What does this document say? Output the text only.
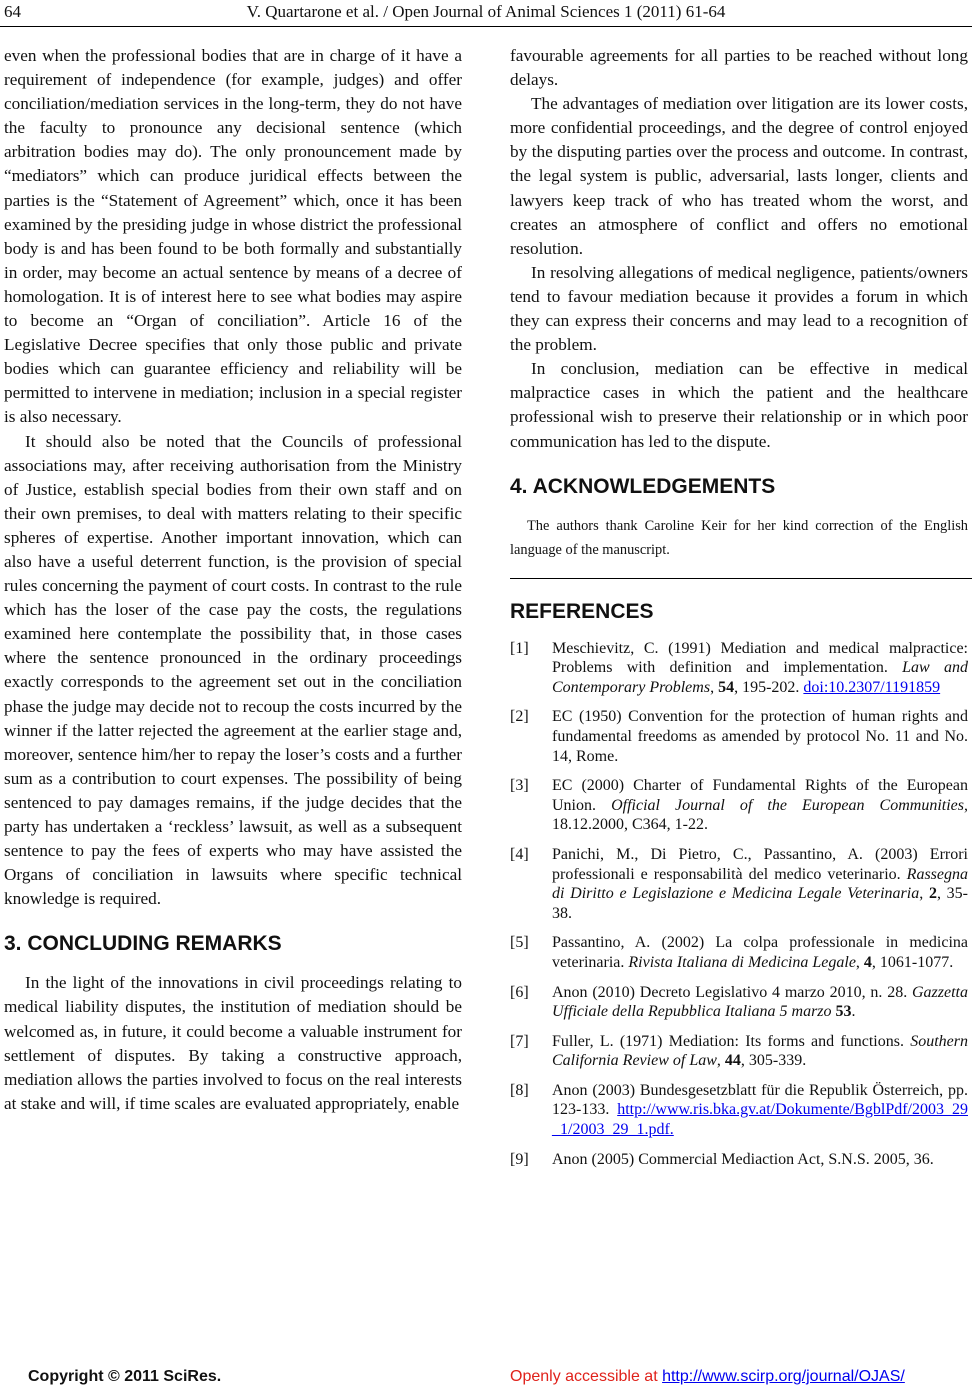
64	V. Quartarone et al. / Open Journal of Animal Sciences 1 (2011) 61-64

even when the professional bodies that are in charge of it have a requirement of independence (for example, judges) and offer conciliation/mediation services in the long-term, they do not have the faculty to pronounce any decisional sentence (which arbitration bodies may do). The only pronouncement made by “mediators” which can produce juridical effects between the parties is the “Statement of Agreement” which, once it has been examined by the presiding judge in whose district the professional body is and has been found to be both formally and substantially in order, may become an actual sentence by means of a decree of homologation. It is of interest here to see what bodies may aspire to become an “Organ of conciliation”. Article 16 of the Legislative Decree specifies that only those public and private bodies which can guarantee efficiency and reliability will be permitted to intervene in mediation; inclusion in a special register is also necessary.

It should also be noted that the Councils of professional associations may, after receiving authorisation from the Ministry of Justice, establish special bodies from their own staff and on their own premises, to deal with matters relating to their specific spheres of expertise. Another important innovation, which can also have a useful deterrent function, is the provision of special rules concerning the payment of court costs. In contrast to the rule which has the loser of the case pay the costs, the regulations examined here contemplate the possibility that, in those cases where the sentence pronounced in the ordinary proceedings exactly corresponds to the agreement set out in the conciliation phase the judge may decide not to recoup the costs incurred by the winner if the latter rejected the agreement at the earlier stage and, moreover, sentence him/her to repay the loser’s costs and a further sum as a contribution to court expenses. The possibility of being sentenced to pay damages remains, if the judge decides that the party has undertaken a ‘reckless’ lawsuit, as well as a subsequent sentence to pay the fees of experts who may have assisted the Organs of conciliation in lawsuits where specific technical knowledge is required.

3. CONCLUDING REMARKS

In the light of the innovations in civil proceedings relating to medical liability disputes, the institution of mediation should be welcomed as, in future, it could become a valuable instrument for settlement of disputes. By taking a constructive approach, mediation allows the parties involved to focus on the real interests at stake and will, if time scales are evaluated appropriately, enable

favourable agreements for all parties to be reached without long delays.

The advantages of mediation over litigation are its lower costs, more confidential proceedings, and the degree of control enjoyed by the disputing parties over the process and outcome. In contrast, the legal system is public, adversarial, lasts longer, clients and lawyers keep track of who has treated whom the worst, and creates an atmosphere of conflict and offers no emotional resolution.

In resolving allegations of medical negligence, patients/owners tend to favour mediation because it provides a forum in which they can express their concerns and may lead to a recognition of the problem.

In conclusion, mediation can be effective in medical malpractice cases in which the patient and the healthcare professional wish to preserve their relationship or in which poor communication has led to the dispute.

4. ACKNOWLEDGEMENTS

The authors thank Caroline Keir for her kind correction of the English language of the manuscript.

REFERENCES
[1]	Meschievitz, C. (1991) Mediation and medical malpractice: Problems with definition and implementation. Law and Contemporary Problems, 54, 195-202. doi:10.2307/1191859
[2]	EC (1950) Convention for the protection of human rights and fundamental freedoms as amended by protocol No. 11 and No. 14, Rome.
[3]	EC (2000) Charter of Fundamental Rights of the European Union. Official Journal of the European Communities, 18.12.2000, C364, 1-22.
[4]	Panichi, M., Di Pietro, C., Passantino, A. (2003) Errori professionali e responsabilità del medico veterinario. Rassegna di Diritto e Legislazione e Medicina Legale Veterinaria, 2, 35-38.
[5]	Passantino, A. (2002) La colpa professionale in medicina veterinaria. Rivista Italiana di Medicina Legale, 4, 1061-1077.
[6]	Anon (2010) Decreto Legislativo 4 marzo 2010, n. 28. Gazzetta Ufficiale della Repubblica Italiana 5 marzo 53.
[7]	Fuller, L. (1971) Mediation: Its forms and functions. Southern California Review of Law, 44, 305-339.
[8]	Anon (2003) Bundesgesetzblatt für die Republik Österreich, pp. 123-133. http://www.ris.bka.gv.at/Dokumente/BgblPdf/2003_29_1/2003_29_1.pdf.
[9]	Anon (2005) Commercial Mediaction Act, S.N.S. 2005, 36.
Copyright © 2011 SciRes.	Openly accessible at http://www.scirp.org/journal/OJAS/
